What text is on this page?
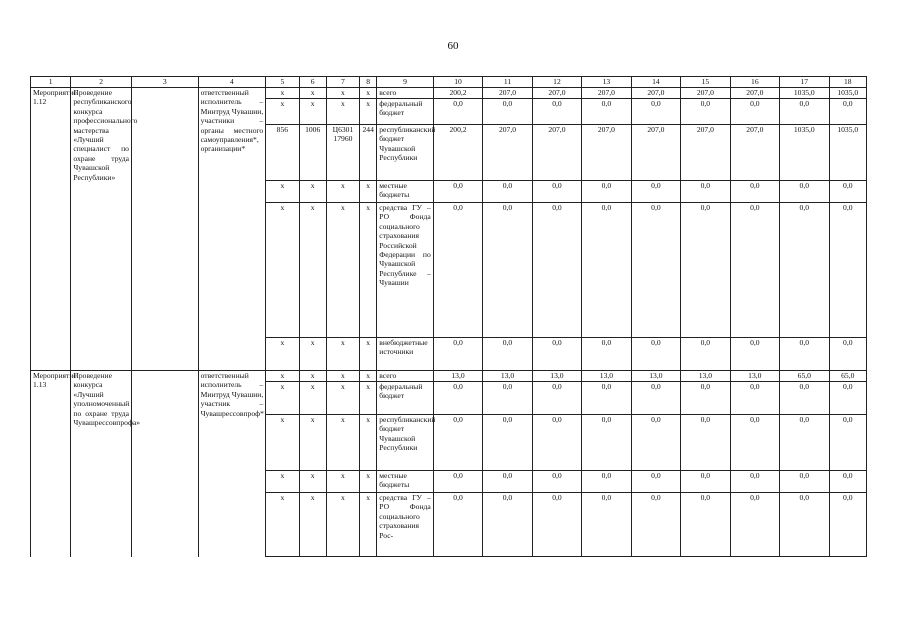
60
1	2	3	4	5	6	7	8	9	10	11	12	13	14	15	16	17	18
Мероприятие 1.12	Проведение республиканского конкурса профессионального мастерства «Лучший специалист по охране труда Чувашской Республики»		ответственный исполнитель – Минтруд Чувашии, участники – органы местного самоуправления*, организации*	х	х	х	х	всего	200,2	207,0	207,0	207,0	207,0	207,0	207,0	1035,0	1035,0
				х	х	х	х	федеральный бюджет	0,0	0,0	0,0	0,0	0,0	0,0	0,0	0,0	0,0
				856	1006	Ц6301 17960	244	республиканский бюджет Чувашской Республики	200,2	207,0	207,0	207,0	207,0	207,0	207,0	1035,0	1035,0
				х	х	х	х	местные бюджеты	0,0	0,0	0,0	0,0	0,0	0,0	0,0	0,0	0,0
				х	х	х	х	средства ГУ – РО Фонда социального страхования Российской Федерации по Чувашской Республике – Чувашии	0,0	0,0	0,0	0,0	0,0	0,0	0,0	0,0	0,0
				х	х	х	х	внебюджетные источники	0,0	0,0	0,0	0,0	0,0	0,0	0,0	0,0	0,0
Мероприятие 1.13	Проведение конкурса «Лучший уполномоченный по охране труда Чувашрессовпрофа»		ответственный исполнитель – Минтруд Чувашии, участник – Чувашрессовпроф*	х	х	х	х	всего	13,0	13,0	13,0	13,0	13,0	13,0	13,0	65,0	65,0
				х	х	х	х	федеральный бюджет	0,0	0,0	0,0	0,0	0,0	0,0	0,0	0,0	0,0
				х	х	х	х	республиканский бюджет Чувашской Республики	0,0	0,0	0,0	0,0	0,0	0,0	0,0	0,0	0,0
				х	х	х	х	местные бюджеты	0,0	0,0	0,0	0,0	0,0	0,0	0,0	0,0	0,0
				х	х	х	х	средства ГУ – РО Фонда социального страхования Рос-	0,0	0,0	0,0	0,0	0,0	0,0	0,0	0,0	0,0
